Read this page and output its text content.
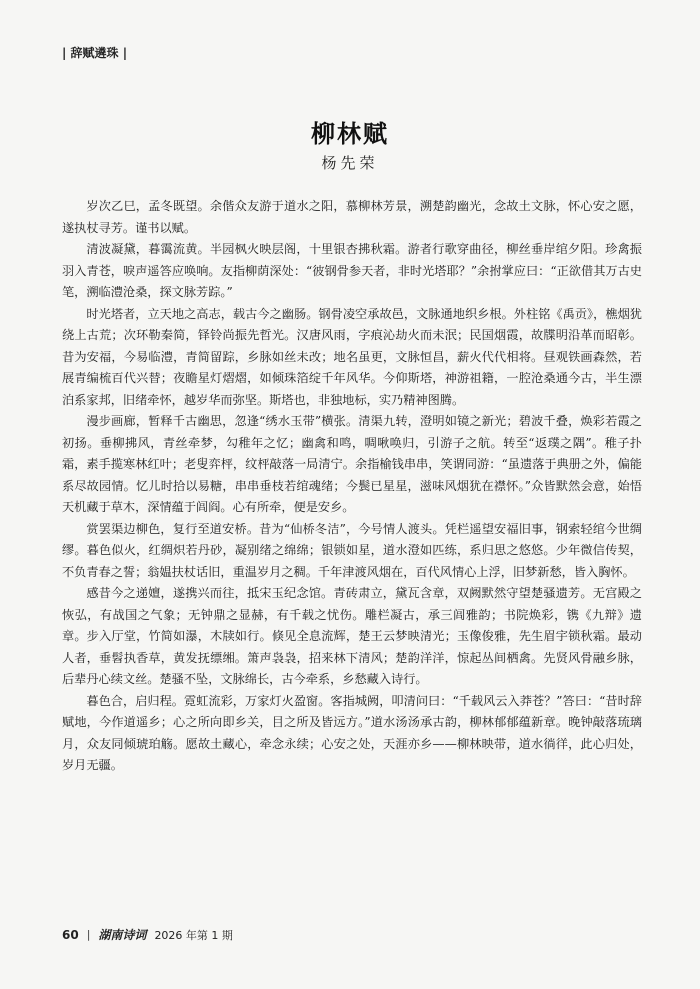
| 辞赋遴珠 |
柳林赋
杨先荣

岁次乙巳，孟冬既望。余偕众友游于道水之阳，慕柳林芳景，溯楚韵幽光，念故土文脉，怀心安之愿，遂执杖寻芳。谨书以赋。

清波凝黛，暮霭流黄。半园枫火映层阁，十里银杏拂秋霜。游者行歌穿曲径，柳丝垂岸绾夕阳。珍禽振羽入青苍，唳声遥答应唤响。友指柳荫深处：“彼钢骨参天者，非时光塔耶？”余拊掌应曰：“正欲借其万古史笔，溯临澧沧桑，探文脉芳踪。”

时光塔者，立天地之高志，载古今之幽肠。钢骨凌空承故邑，文脉通地织乡根。外柱铭《禹贡》，樵烟犹绕上古荒；次环勒秦简，铎铃尚振先哲光。汉唐风雨，字痕沁劫火而未泯；民国烟霞，故牒明沿革而昭彰。昔为安福，今易临澧，青简留踪，乡脉如丝未改；地名虽更，文脉恒昌，薪火代代相将。昼观铁画森然，若展青编梳百代兴替；夜瞻星灯熠熠，如倾珠箔绽千年风华。今仰斯塔，神游祖籍，一腔沧桑通今古，半生漂泊系家邦，旧绪牵怀，越岁华而弥坚。斯塔也，非独地标，实乃精神图腾。

漫步画廊，暂释千古幽思，忽逢“绣水玉带”横张。清渠九转，澄明如镜之新光；碧波千叠，焕彩若霞之初扬。垂柳拂风，青丝牵梦，勾稚年之忆；幽禽和鸣，啁啾唤归，引游子之航。转至“返璞之隅”。稚子扑霜，素手揽寒林红叶；老叟弈枰，纹枰敲落一局清宁。余指榆钱串串，笑谓同游：“虽遗落于典册之外，偏能系尽故园情。忆儿时拾以易糖，串串垂枝若绾魂绪；今鬓已星星，滋味风烟犹在襟怀。”众皆默然会意，始悟天机藏于草木，深情蕴于闾阎。心有所牵，便是安乡。

赏罢渠边柳色，复行至道安桥。昔为“仙桥冬洁”，今号情人渡头。凭栏遥望安福旧事，钢索轻绾今世绸缪。暮色似火，红绸炽若丹砂，凝别绪之绵绵；银锁如星，道水澄如匹练，系归思之悠悠。少年微信传契，不负青春之誓；翁媪扶杖话旧，重温岁月之稠。千年津渡风烟在，百代风情心上浮，旧梦新愁，皆入胸怀。

感昔今之递嬗，遂携兴而往，抵宋玉纪念馆。青砖肃立，黛瓦含章，双阙默然守望楚骚遗芳。无宫殿之恢弘，有战国之气象；无钟鼎之显赫，有千载之忧伤。雕栏凝古，承三闾雅韵；书院焕彩，镌《九辩》遗章。步入厅堂，竹简如瀑，木牍如行。倏见全息流辉，楚王云梦映清光；玉像俊雅，先生眉宇锁秋霜。最动人者，垂髫执香草，黄发抚缥缃。箫声袅袅，招来林下清风；楚韵洋洋，惊起丛间栖禽。先贤风骨融乡脉，后辈丹心续文丝。楚骚不坠，文脉绵长，古今牵系，乡愁藏入诗行。

暮色合，启归程。霓虹流彩，万家灯火盈窗。客指城阙，叩清问曰：“千载风云入莽苍？”答曰：“昔时辞赋地，今作道遥乡；心之所向即乡关，目之所及皆远方。”道水汤汤承古韵，柳林郁郁蕴新章。晚钟敲落琉璃月，众友同倾琥珀觞。愿故土藏心，牵念永续；心安之处，天涯亦乡——柳林映带，道水徜徉，此心归处，岁月无疆。

60 | 湖南诗词 2026 年第 1 期
